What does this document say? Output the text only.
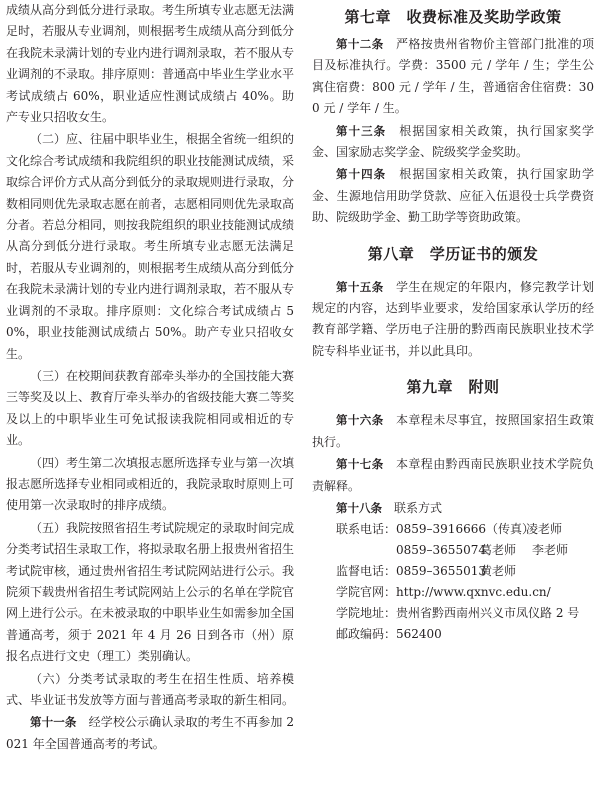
成绩从高分到低分进行录取。考生所填专业志愿无法满足时，若服从专业调剂，则根据考生成绩从高分到低分在我院未录满计划的专业内进行调剂录取，若不服从专业调剂的不录取。排序原则：普通高中毕业生学业水平考试成绩占 60%，职业适应性测试成绩占 40%。助产专业只招收女生。

（二）应、往届中职毕业生，根据全省统一组织的文化综合考试成绩和我院组织的职业技能测试成绩，采取综合评价方式从高分到低分的录取规则进行录取，分数相同则优先录取志愿在前者，志愿相同则优先录取高分者。若总分相同，则按我院组织的职业技能测试成绩从高分到低分进行录取。考生所填专业志愿无法满足时，若服从专业调剂的，则根据考生成绩从高分到低分在我院未录满计划的专业内进行调剂录取，若不服从专业调剂的不录取。排序原则：文化综合考试成绩占 50%，职业技能测试成绩占 50%。助产专业只招收女生。

（三）在校期间获教育部牵头举办的全国技能大赛三等奖及以上、教育厅牵头举办的省级技能大赛二等奖及以上的中职毕业生可免试报读我院相同或相近的专业。

（四）考生第二次填报志愿所选择专业与第一次填报志愿所选择专业相同或相近的，我院录取时原则上可使用第一次录取时的排序成绩。

（五）我院按照省招生考试院规定的录取时间完成分类考试招生录取工作，将拟录取名册上报贵州省招生考试院审核，通过贵州省招生考试院网站进行公示。我院须下载贵州省招生考试院网站上公示的名单在学院官网上进行公示。在未被录取的中职毕业生如需参加全国普通高考，须于 2021 年 4 月 26 日到各市（州）原报名点进行文史（理工）类别确认。

（六）分类考试录取的考生在招生性质、培养模式、毕业证书发放等方面与普通高考录取的新生相同。

第十一条　 经学校公示确认录取的考生不再参加 2021 年全国普通高考的考试。

第七章　收费标准及奖助学政策

第十二条　 严格按贵州省物价主管部门批准的项目及标准执行。学费：3500 元 / 学年 / 生；学生公寓住宿费：800 元 / 学年 / 生，普通宿舍住宿费：300 元 / 学年 / 生。

第十三条　 根据国家相关政策，执行国家奖学金、国家励志奖学金、院级奖学金奖助。

第十四条　 根据国家相关政策，执行国家助学金、生源地信用助学贷款、应征入伍退役士兵学费资助、院级助学金、勤工助学等资助政策。

第八章　学历证书的颁发

第十五条　 学生在规定的年限内，修完教学计划规定的内容，达到毕业要求，发给国家承认学历的经教育部学籍、学历电子注册的黔西南民族职业技术学院专科毕业证书，并以此具印。

第九章　附则

第十六条　 本章程未尽事宜，按照国家招生政策执行。

第十七条　 本章程由黔西南民族职业技术学院负责解释。

第十八条　 联系方式

联系电话：0859–3916666（传真）凌老师

0859–3655074葛老师 李老师

监督电话：0859–3655013黄老师

学院官网：http://www.qxnvc.edu.cn/

学院地址：贵州省黔西南州兴义市凤仪路 2 号

邮政编码：562400
